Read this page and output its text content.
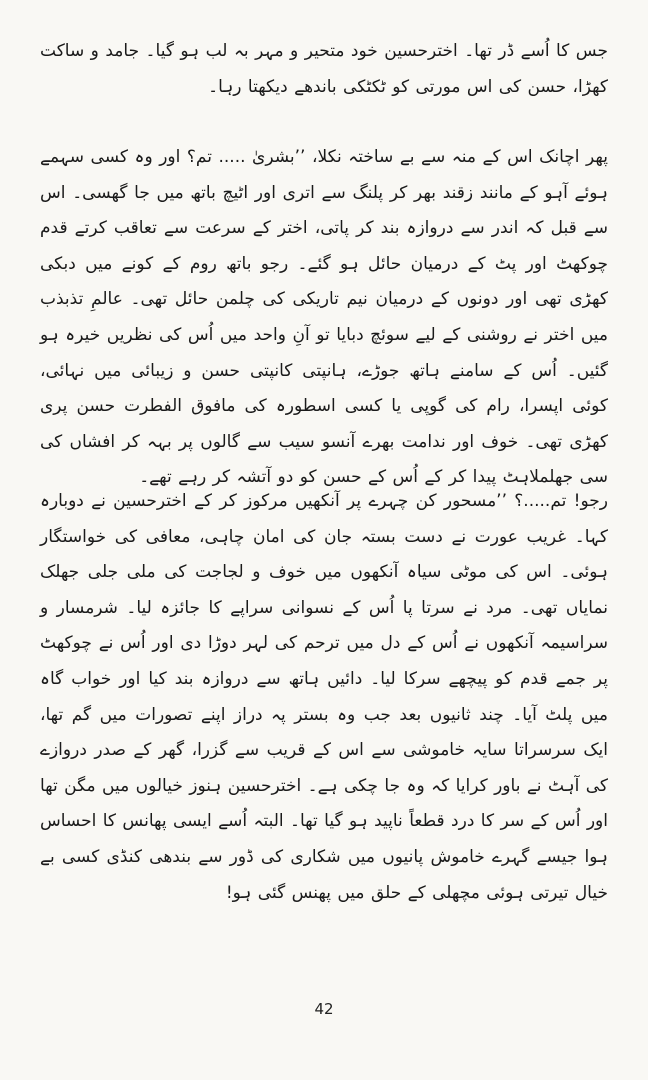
جس کا اُسے ڈر تھا۔ اخترحسین خود متحیر و مہر بہ لب ہو گیا۔ جامد و ساکت کھڑا، حسن کی اس مورتی کو ٹکٹکی باندھے دیکھتا رہا۔

پھر اچانک اس کے منہ سے بے ساختہ نکلا، ’’بشریٰ ..... تم؟ اور وہ کسی سہمے ہوئے آہو کے مانند زقند بھر کر پلنگ سے اتری اور اٹیچ باتھ میں جا گھسی۔ اس سے قبل کہ اندر سے دروازہ بند کر پاتی، اختر کے سرعت سے تعاقب کرتے قدم چوکھٹ اور پٹ کے درمیان حائل ہو گئے۔ رجو باتھ روم کے کونے میں دبکی کھڑی تھی اور دونوں کے درمیان نیم تاریکی کی چلمن حائل تھی۔ عالمِ تذبذب میں اختر نے روشنی کے لیے سوئچ دبایا تو آنِ واحد میں اُس کی نظریں خیرہ ہو گئیں۔ اُس کے سامنے ہاتھ جوڑے، ہانپتی کانپتی حسن و زیبائی میں نہائی، کوئی اپسرا، رام کی گوپی یا کسی اسطورہ کی مافوق الفطرت حسن پری کھڑی تھی۔ خوف اور ندامت بھرے آنسو سیب سے گالوں پر بہہ کر افشاں کی سی جھلملاہٹ پیدا کر کے اُس کے حسن کو دو آتشہ کر رہے تھے۔

رجو! تم.....؟ ’’مسحور کن چہرے پر آنکھیں مرکوز کر کے اخترحسین نے دوبارہ کہا۔ غریب عورت نے دست بستہ جان کی امان چاہی، معافی کی خواستگار ہوئی۔ اس کی موٹی سیاہ آنکھوں میں خوف و لجاجت کی ملی جلی جھلک نمایاں تھی۔ مرد نے سرتا پا اُس کے نسوانی سراپے کا جائزہ لیا۔ شرمسار و سراسیمہ آنکھوں نے اُس کے دل میں ترحم کی لہر دوڑا دی اور اُس نے چوکھٹ پر جمے قدم کو پیچھے سرکا لیا۔ دائیں ہاتھ سے دروازہ بند کیا اور خواب گاہ میں پلٹ آیا۔ چند ثانیوں بعد جب وہ بستر پہ دراز اپنے تصورات میں گم تھا، ایک سرسراتا سایہ خاموشی سے اس کے قریب سے گزرا، گھر کے صدر دروازے کی آہٹ نے باور کرایا کہ وہ جا چکی ہے۔ اخترحسین ہنوز خیالوں میں مگن تھا اور اُس کے سر کا درد قطعاً ناپید ہو گیا تھا۔ البتہ اُسے ایسی پھانس کا احساس ہوا جیسے گہرے خاموش پانیوں میں شکاری کی ڈور سے بندھی کنڈی کسی بے خیال تیرتی ہوئی مچھلی کے حلق میں پھنس گئی ہو!

42
